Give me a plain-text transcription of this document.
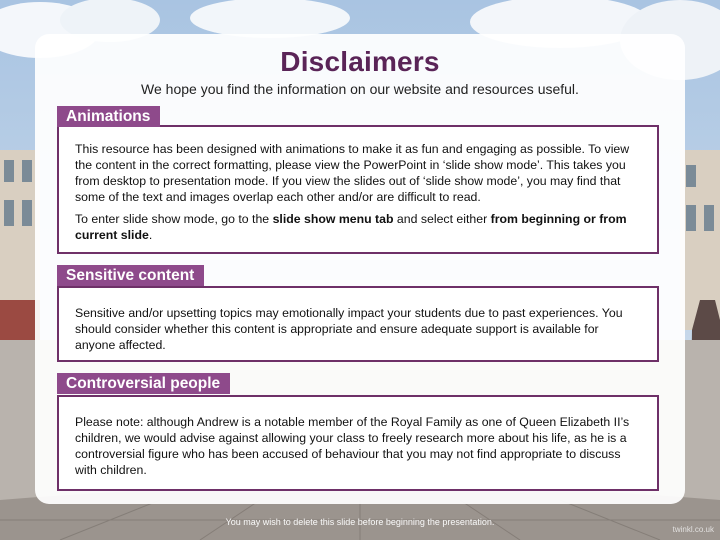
Disclaimers
We hope you find the information on our website and resources useful.

This resource has been designed with animations to make it as fun and engaging as possible. To view the content in the correct formatting, please view the PowerPoint in ‘slide show mode’. This takes you from desktop to presentation mode. If you view the slides out of ‘slide show mode’, you may find that some of the text and images overlap each other and/or are difficult to read.

To enter slide show mode, go to the slide show menu tab and select either from beginning or from current slide.

Animations

Sensitive and/or upsetting topics may emotionally impact your students due to past experiences. You should consider whether this content is appropriate and ensure adequate support is available for anyone affected.

Sensitive content

Please note: although Andrew is a notable member of the Royal Family as one of Queen Elizabeth II’s children, we would advise against allowing your class to freely research more about his life, as he is a controversial figure who has been accused of behaviour that you may not find appropriate to discuss with children.

Controversial people
You may wish to delete this slide before beginning the presentation.
twinkl.co.uk
